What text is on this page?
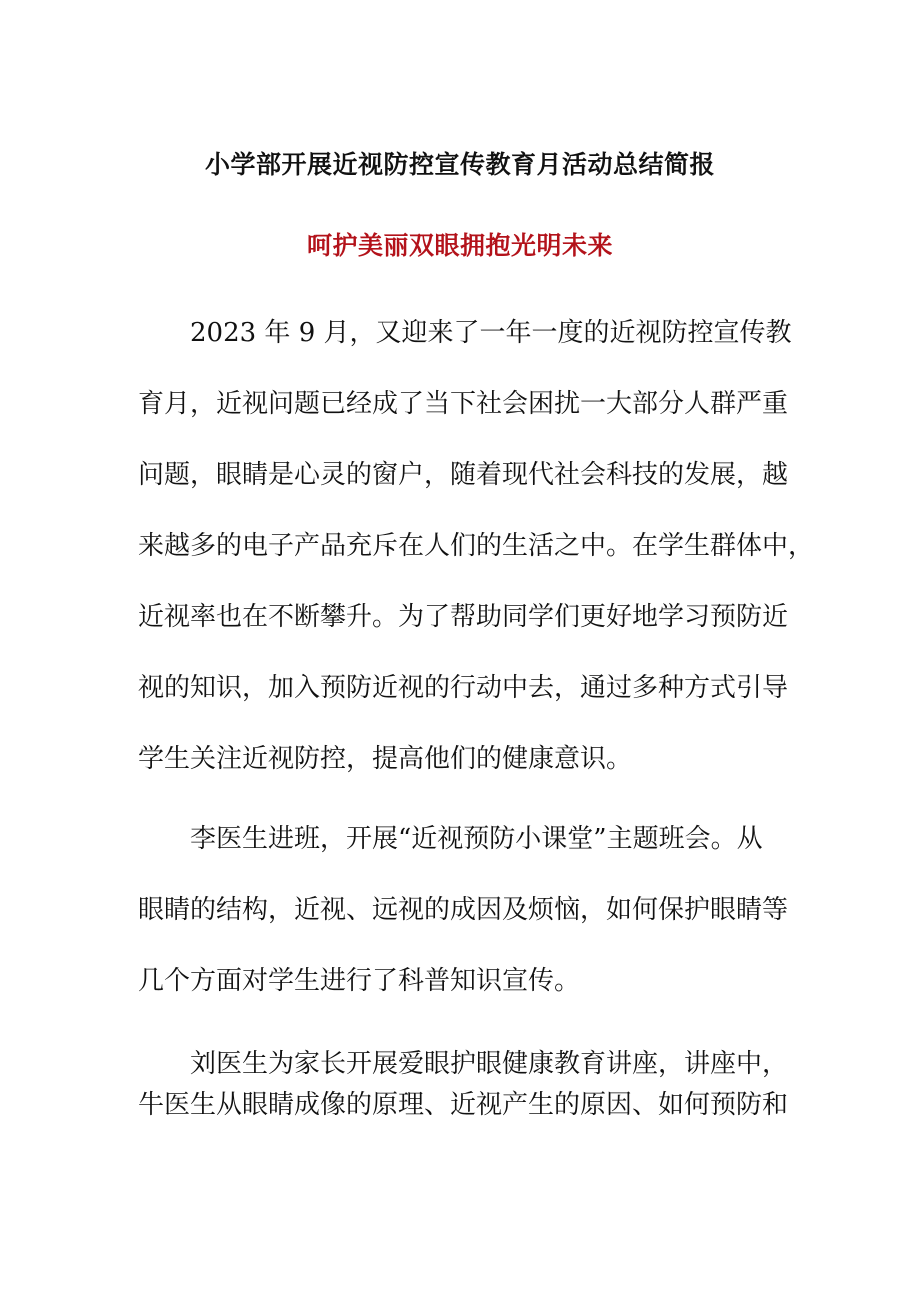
小学部开展近视防控宣传教育月活动总结简报
呵护美丽双眼拥抱光明未来
2023 年 9 月，又迎来了一年一度的近视防控宣传教
育月，近视问题已经成了当下社会困扰一大部分人群严重
问题，眼睛是心灵的窗户，随着现代社会科技的发展，越
来越多的电子产品充斥在人们的生活之中。在学生群体中，
近视率也在不断攀升。为了帮助同学们更好地学习预防近
视的知识，加入预防近视的行动中去，通过多种方式引导
学生关注近视防控，提高他们的健康意识。
李医生进班，开展“近视预防小课堂”主题班会。从
眼睛的结构，近视、远视的成因及烦恼，如何保护眼睛等
几个方面对学生进行了科普知识宣传。
刘医生为家长开展爱眼护眼健康教育讲座，讲座中，
牛医生从眼睛成像的原理、近视产生的原因、如何预防和
